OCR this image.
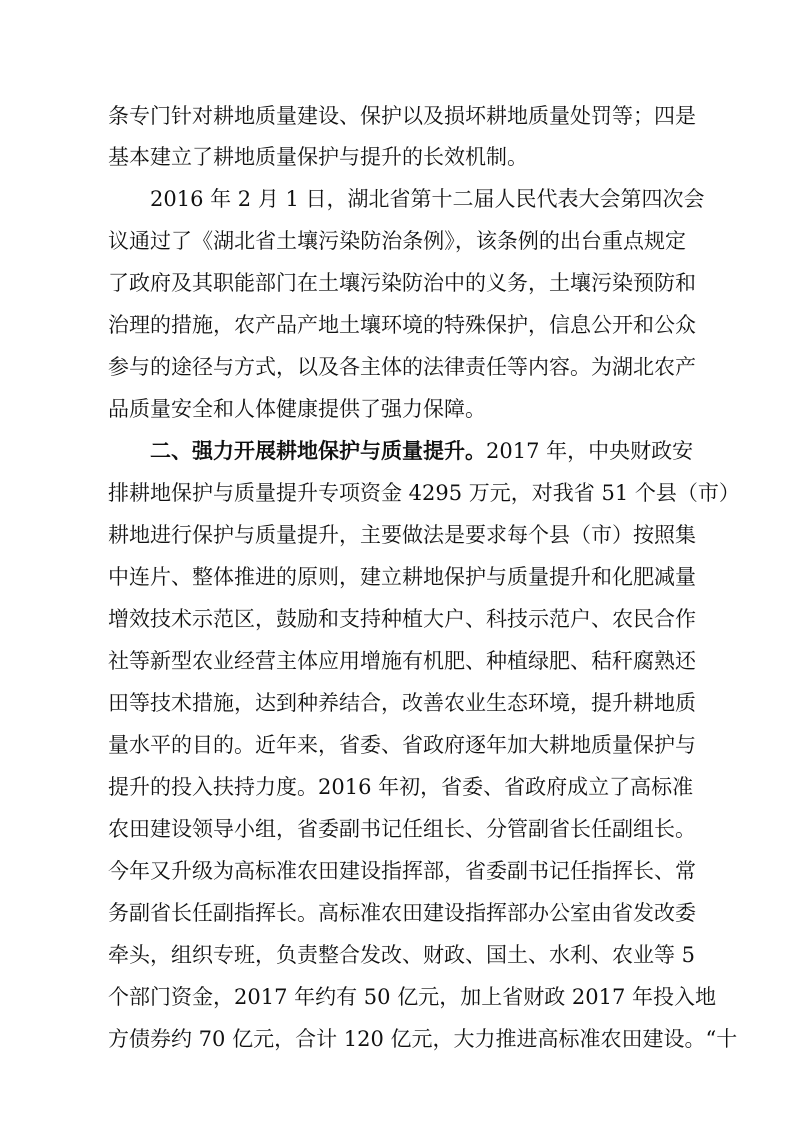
条专门针对耕地质量建设、保护以及损坏耕地质量处罚等；四是
基本建立了耕地质量保护与提升的长效机制。
2016 年 2 月 1 日，湖北省第十二届人民代表大会第四次会
议通过了《湖北省土壤污染防治条例》，该条例的出台重点规定
了政府及其职能部门在土壤污染防治中的义务，土壤污染预防和
治理的措施，农产品产地土壤环境的特殊保护，信息公开和公众
参与的途径与方式，以及各主体的法律责任等内容。为湖北农产
品质量安全和人体健康提供了强力保障。
二、强力开展耕地保护与质量提升。2017 年，中央财政安
排耕地保护与质量提升专项资金 4295 万元，对我省 51 个县（市）
耕地进行保护与质量提升，主要做法是要求每个县（市）按照集
中连片、整体推进的原则，建立耕地保护与质量提升和化肥减量
增效技术示范区，鼓励和支持种植大户、科技示范户、农民合作
社等新型农业经营主体应用增施有机肥、种植绿肥、秸秆腐熟还
田等技术措施，达到种养结合，改善农业生态环境，提升耕地质
量水平的目的。近年来，省委、省政府逐年加大耕地质量保护与
提升的投入扶持力度。2016 年初，省委、省政府成立了高标准
农田建设领导小组，省委副书记任组长、分管副省长任副组长。
今年又升级为高标准农田建设指挥部，省委副书记任指挥长、常
务副省长任副指挥长。高标准农田建设指挥部办公室由省发改委
牵头，组织专班，负责整合发改、财政、国土、水利、农业等 5
个部门资金，2017 年约有 50 亿元，加上省财政 2017 年投入地
方债券约 70 亿元，合计 120 亿元，大力推进高标准农田建设。“十
